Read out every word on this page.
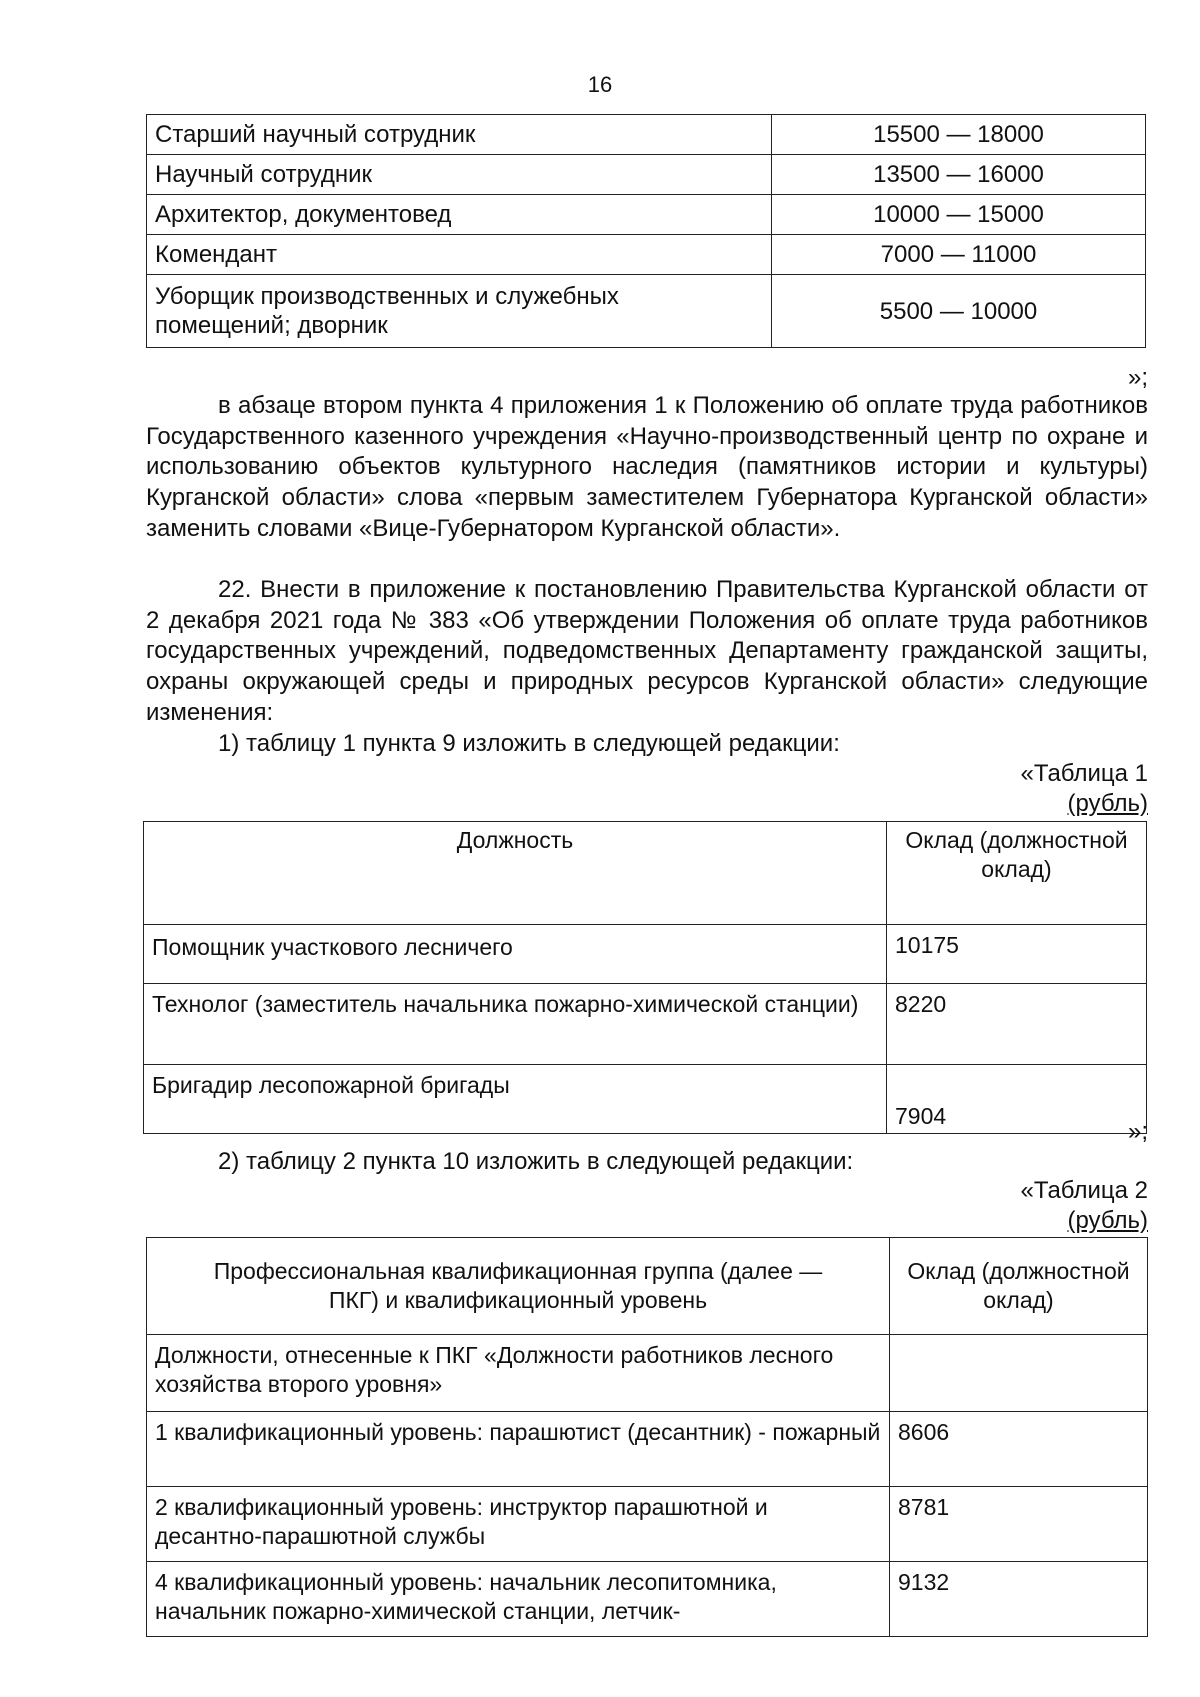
16
Старший научный сотрудник	15500 — 18000
Научный сотрудник	13500 — 16000
Архитектор, документовед	10000 — 15000
Комендант	7000 — 11000
Уборщик производственных и служебных помещений; дворник	5500 — 10000
»;
в абзаце втором пункта 4 приложения 1 к Положению об оплате труда работников Государственного казенного учреждения «Научно-производственный центр по охране и использованию объектов культурного наследия (памятников истории и культуры) Курганской области» слова «первым заместителем Губернатора Курганской области» заменить словами «Вице-Губернатором Курганской области».
22. Внести в приложение к постановлению Правительства Курганской области от 2 декабря 2021 года № 383 «Об утверждении Положения об оплате труда работников государственных учреждений, подведомственных Департаменту гражданской защиты, охраны окружающей среды и природных ресурсов Курганской области» следующие изменения:
1) таблицу 1 пункта 9 изложить в следующей редакции:
«Таблица 1
(рубль)
Должность	Оклад (должностной оклад)
Помощник участкового лесничего	10175
Технолог (заместитель начальника пожарно-химической станции)	8220
Бригадир лесопожарной бригады	7904
»;
2) таблицу 2 пункта 10 изложить в следующей редакции:
«Таблица 2
(рубль)
Профессиональная квалификационная группа (далее — ПКГ) и квалификационный уровень	Оклад (должностной оклад)
Должности, отнесенные к ПКГ «Должности работников лесного хозяйства второго уровня»	
1 квалификационный уровень: парашютист (десантник) - пожарный	8606
2 квалификационный уровень: инструктор парашютной и десантно-парашютной службы	8781
4 квалификационный уровень: начальник лесопитомника, начальник пожарно-химической станции, летчик-	9132
